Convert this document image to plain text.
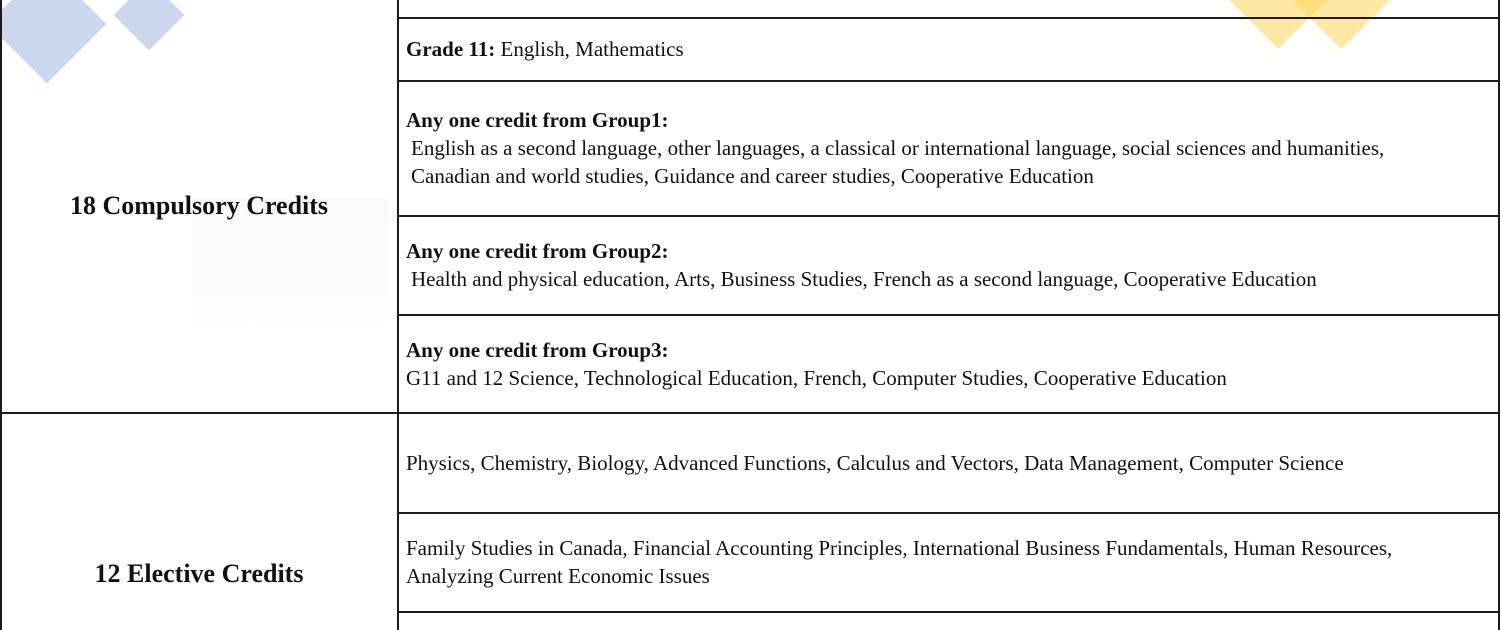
18 Compulsory Credits
12 Elective Credits
Grade 11: English, Mathematics
Any one credit from Group1:
English as a second language, other languages, a classical or international language, social sciences and humanities, Canadian and world studies, Guidance and career studies, Cooperative Education
Any one credit from Group2:
Health and physical education, Arts, Business Studies, French as a second language, Cooperative Education
Any one credit from Group3:
G11 and 12 Science, Technological Education, French, Computer Studies, Cooperative Education
Physics, Chemistry, Biology, Advanced Functions, Calculus and Vectors, Data Management, Computer Science
Family Studies in Canada, Financial Accounting Principles, International Business Fundamentals, Human Resources, Analyzing Current Economic Issues
